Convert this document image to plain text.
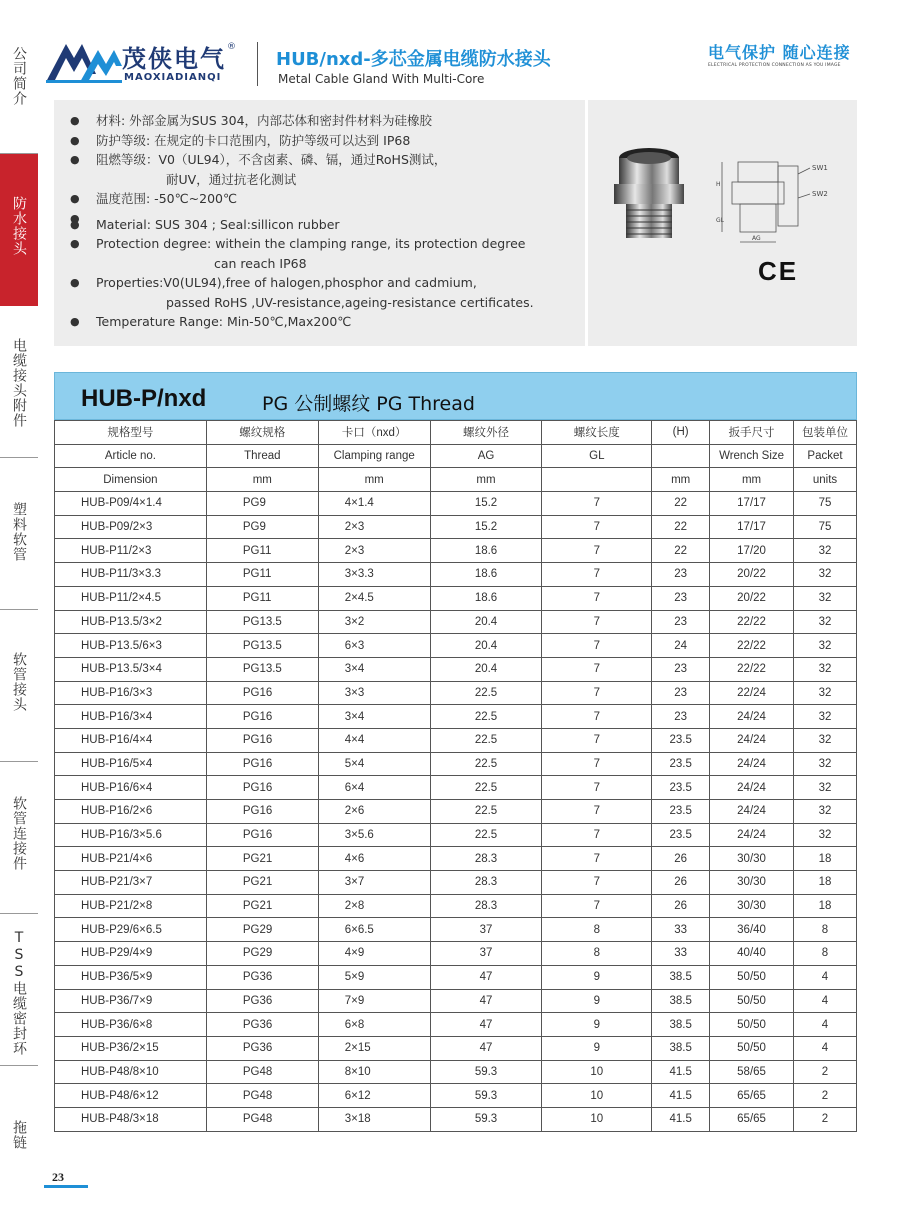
公司简介
防水接头
电缆接头附件
塑料软管
软管接头
软管连接件
TSS电缆密封环
拖链
茂侠电气 ®
MAOXIADIANQI
HUB/nxd-多芯金属电缆防水接头
Metal Cable Gland With Multi-Core
电气保护 随心连接
ELECTRICAL PROTECTION CONNECTION AS YOU IMAGE
● 材料: 外部金属为SUS 304，内部芯体和密封件材料为硅橡胶
● 防护等级: 在规定的卡口范围内，防护等级可以达到 IP68
● 阻燃等级：V0（UL94），不含卤素、磷、镉，通过RoHS测试，
耐UV，通过抗老化测试
● 温度范围: -50℃~200℃
●
● Material: SUS 304 ; Seal:sillicon rubber
● Protection degree: withein the clamping range, its protection degree
can reach IP68
● Properties:V0(UL94),free of halogen,phosphor and cadmium,
passed RoHS ,UV-resistance,ageing-resistance certificates.
● Temperature Range: Min-50℃,Max200℃
SW1
SW2
H
GL
AG
CE
HUB-P/nxd	PG 公制螺纹 PG Thread
规格型号	螺纹规格	卡口（nxd）	螺纹外径	螺纹长度	(H)	扳手尺寸	包装单位
Article no.	Thread	Clamping range	AG	GL		Wrench Size	Packet
Dimension	mm	mm	mm		mm	mm	units
HUB-P09/4×1.4	PG9	4×1.4	15.2	7	22	17/17	75
HUB-P09/2×3	PG9	2×3	15.2	7	22	17/17	75
HUB-P11/2×3	PG11	2×3	18.6	7	22	17/20	32
HUB-P11/3×3.3	PG11	3×3.3	18.6	7	23	20/22	32
HUB-P11/2×4.5	PG11	2×4.5	18.6	7	23	20/22	32
HUB-P13.5/3×2	PG13.5	3×2	20.4	7	23	22/22	32
HUB-P13.5/6×3	PG13.5	6×3	20.4	7	24	22/22	32
HUB-P13.5/3×4	PG13.5	3×4	20.4	7	23	22/22	32
HUB-P16/3×3	PG16	3×3	22.5	7	23	22/24	32
HUB-P16/3×4	PG16	3×4	22.5	7	23	24/24	32
HUB-P16/4×4	PG16	4×4	22.5	7	23.5	24/24	32
HUB-P16/5×4	PG16	5×4	22.5	7	23.5	24/24	32
HUB-P16/6×4	PG16	6×4	22.5	7	23.5	24/24	32
HUB-P16/2×6	PG16	2×6	22.5	7	23.5	24/24	32
HUB-P16/3×5.6	PG16	3×5.6	22.5	7	23.5	24/24	32
HUB-P21/4×6	PG21	4×6	28.3	7	26	30/30	18
HUB-P21/3×7	PG21	3×7	28.3	7	26	30/30	18
HUB-P21/2×8	PG21	2×8	28.3	7	26	30/30	18
HUB-P29/6×6.5	PG29	6×6.5	37	8	33	36/40	8
HUB-P29/4×9	PG29	4×9	37	8	33	40/40	8
HUB-P36/5×9	PG36	5×9	47	9	38.5	50/50	4
HUB-P36/7×9	PG36	7×9	47	9	38.5	50/50	4
HUB-P36/6×8	PG36	6×8	47	9	38.5	50/50	4
HUB-P36/2×15	PG36	2×15	47	9	38.5	50/50	4
HUB-P48/8×10	PG48	8×10	59.3	10	41.5	58/65	2
HUB-P48/6×12	PG48	6×12	59.3	10	41.5	65/65	2
HUB-P48/3×18	PG48	3×18	59.3	10	41.5	65/65	2
23
